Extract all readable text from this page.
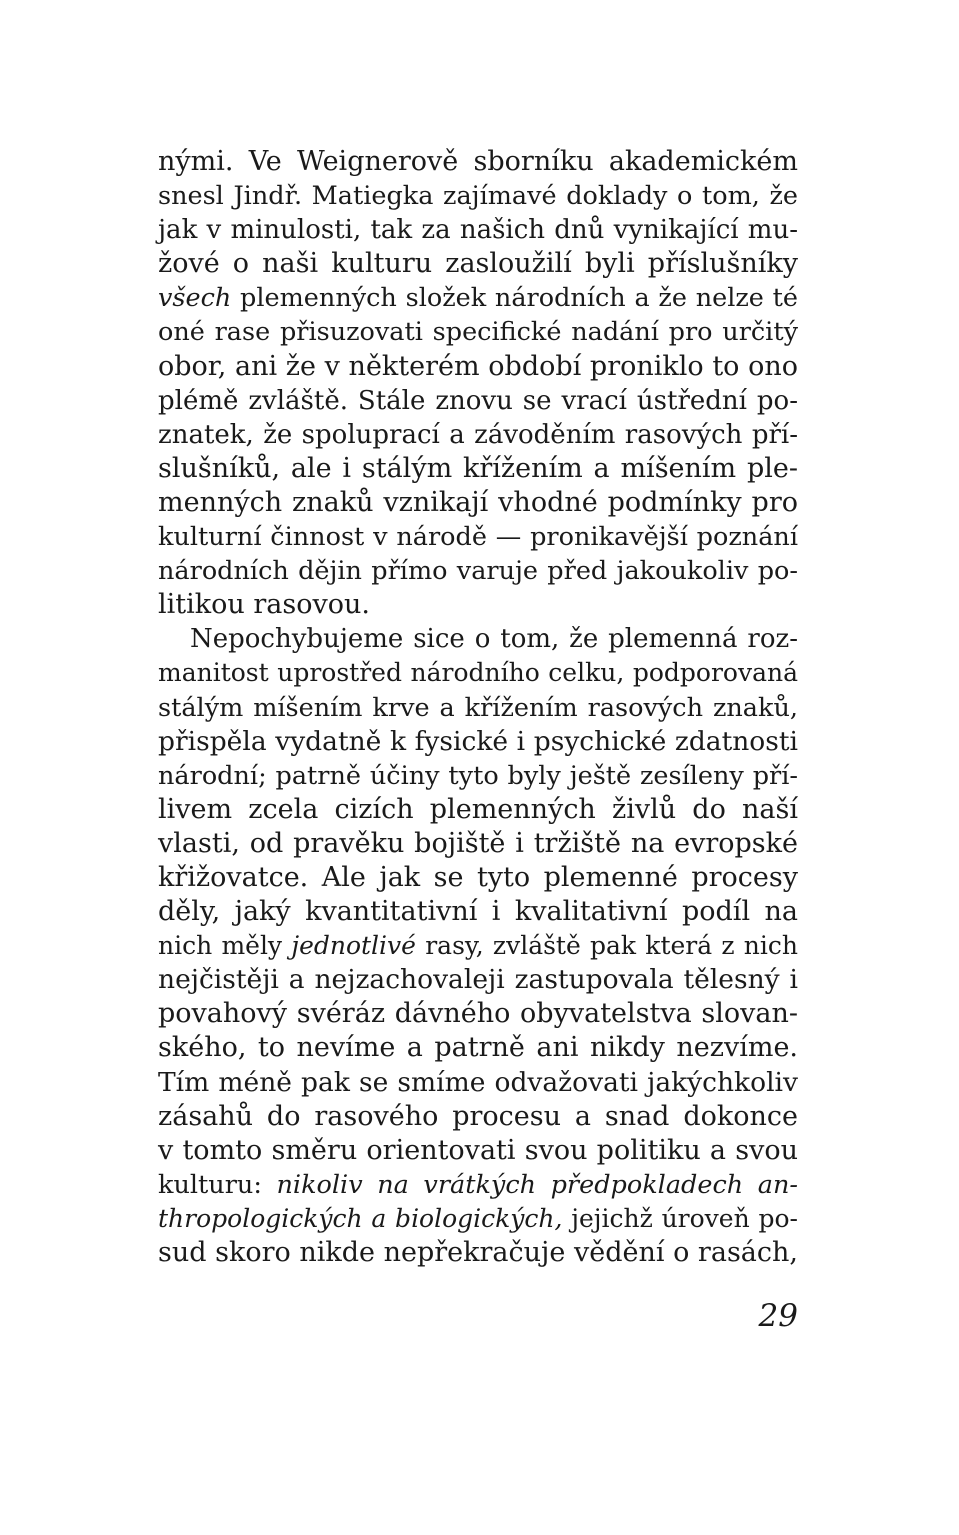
nými. Ve Weignerově sborníku akademickém
snesl Jindř. Matiegka zajímavé doklady o tom, že
jak v minulosti, tak za našich dnů vynikající mu-
žové o naši kulturu zasloužilí byli příslušníky
všech plemenných složek národních a že nelze té
oné rase přisuzovati specifické nadání pro určitý
obor, ani že v některém období proniklo to ono
plémě zvláště. Stále znovu se vrací ústřední po-
znatek, že spoluprací a závoděním rasových pří-
slušníků, ale i stálým křížením a míšením ple-
menných znaků vznikají vhodné podmínky pro
kulturní činnost v národě — pronikavější poznání
národních dějin přímo varuje před jakoukoliv po-
litikou rasovou.
Nepochybujeme sice o tom, že plemenná roz-
manitost uprostřed národního celku, podporovaná
stálým míšením krve a křížením rasových znaků,
přispěla vydatně k fysické i psychické zdatnosti
národní; patrně účiny tyto byly ještě zesíleny pří-
livem zcela cizích plemenných živlů do naší
vlasti, od pravěku bojiště i tržiště na evropské
křižovatce. Ale jak se tyto plemenné procesy
děly, jaký kvantitativní i kvalitativní podíl na
nich měly jednotlivé rasy, zvláště pak která z nich
nejčistěji a nejzachovaleji zastupovala tělesný i
povahový svéráz dávného obyvatelstva slovan-
ského, to nevíme a patrně ani nikdy nezvíme.
Tím méně pak se smíme odvažovati jakýchkoliv
zásahů do rasového procesu a snad dokonce
v tomto směru orientovati svou politiku a svou
kulturu: nikoliv na vrátkých předpokladech an-
thropologických a biologických, jejichž úroveň po-
sud skoro nikde nepřekračuje vědění o rasách,
29
